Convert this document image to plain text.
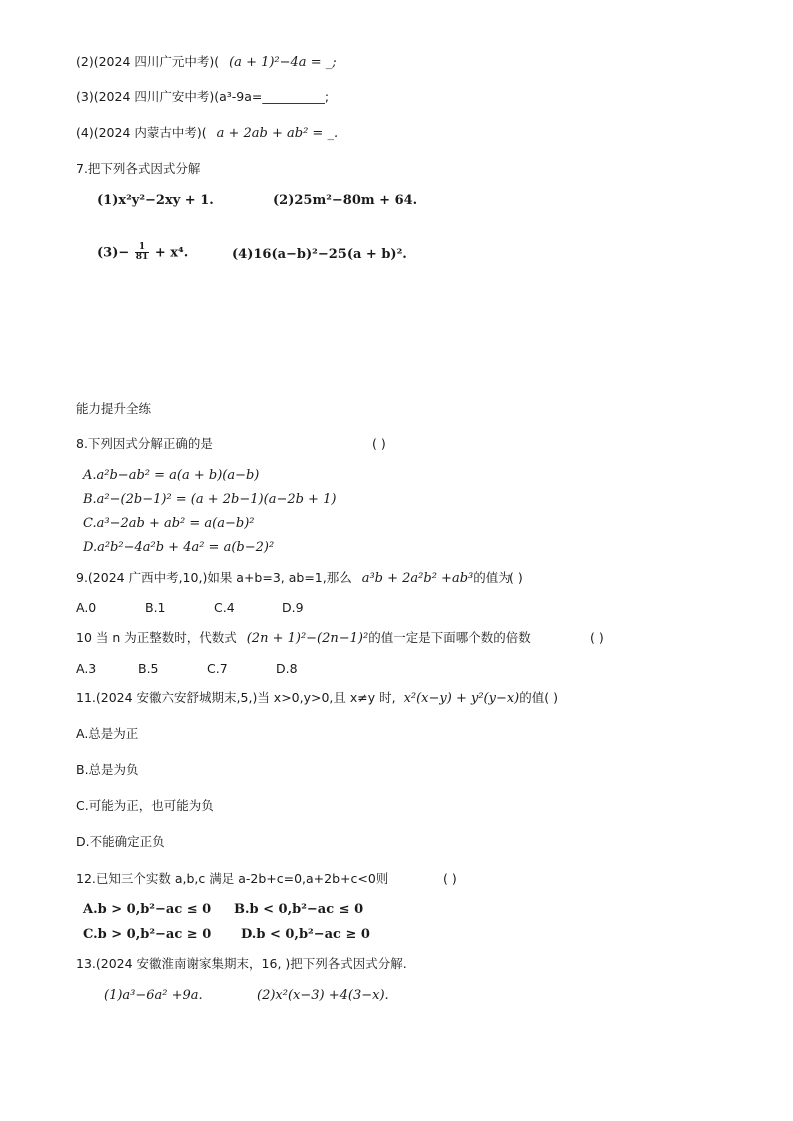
(2)(2024 四川广元中考)( (a + 1)²−4a = _;
(3)(2024 四川广安中考)(a³-9a=__________;
(4)(2024 内蒙古中考)( a + 2ab + ab² = _.
7.把下列各式因式分解
(1)x²y²−2xy + 1.	(2)25m²−80m + 64.
$(3)- \frac{1}{81} + x^4$.	(4)16(a−b)²−25(a + b)².
能力提升全练
8.下列因式分解正确的是	( )
A.a²b−ab² = a(a + b)(a−b)
B.a²−(2b−1)² = (a + 2b−1)(a−2b + 1)
C.a³−2ab + ab² = a(a−b)²
D.a²b²−4a²b + 4a² = a(b−2)²
9.(2024 广西中考,10,)如果 a+b=3, ab=1,那么 a³b + 2a²b² +ab³的值为
( )
A.0	B.1	C.4	D.9
10 当 n 为正整数时，代数式 (2n + 1)²−(2n−1)²的值一定是下面哪个数的倍数	( )
A.3	B.5	C.7	D.8
11.(2024 安徽六安舒城期末,5,)当 x>0,y>0,且 x≠y 时, x²(x−y) + y²(y−x)的值( )
A.总是为正
B.总是为负
C.可能为正，也可能为负
D.不能确定正负
12.已知三个实数 a,b,c 满足 a-2b+c=0,a+2b+c<0则	( )
A.b > 0,b²−ac ≤ 0 B.b < 0,b²−ac ≤ 0
C.b > 0,b²−ac ≥ 0 D.b < 0,b²−ac ≥ 0
13.(2024 安徽淮南谢家集期末，16, )把下列各式因式分解.
(1)a³−6a² +9a.	(2)x²(x−3) +4(3−x).
